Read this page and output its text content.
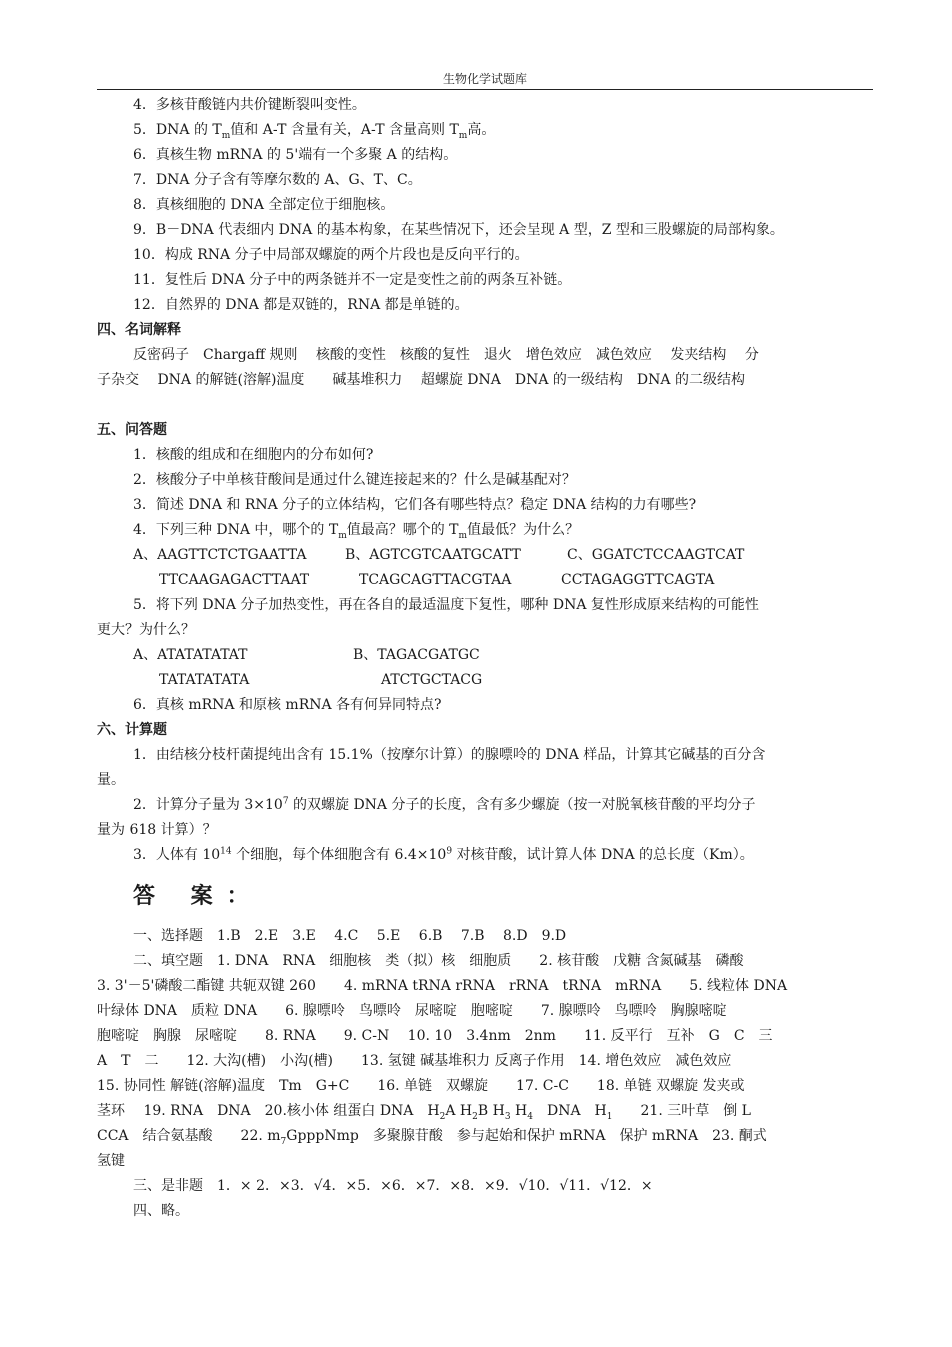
生物化学试题库
4．多核苷酸链内共价键断裂叫变性。
5．DNA 的 $T_m$值和 A-T 含量有关，A-T 含量高则 $T_m$高。
6．真核生物 mRNA 的 5'端有一个多聚 A 的结构。
7．DNA 分子含有等摩尔数的 A、G、T、C。
8．真核细胞的 DNA 全部定位于细胞核。
9．B－DNA 代表细内 DNA 的基本构象，在某些情况下，还会呈现 A 型，Z 型和三股螺旋的局部构象。
10．构成 RNA 分子中局部双螺旋的两个片段也是反向平行的。
11．复性后 DNA 分子中的两条链并不一定是变性之前的两条互补链。
12．自然界的 DNA 都是双链的，RNA 都是单链的。
四、名词解释
反密码子　Chargaff 规则　 核酸的变性　核酸的复性　退火　增色效应　减色效应　 发夹结构　 分
子杂交　 DNA 的解链(溶解)温度　　碱基堆积力　 超螺旋 DNA　DNA 的一级结构　DNA 的二级结构
五、问答题
1．核酸的组成和在细胞内的分布如何?
2．核酸分子中单核苷酸间是通过什么键连接起来的？什么是碱基配对？
3．简述 DNA 和 RNA 分子的立体结构，它们各有哪些特点？稳定 DNA 结构的力有哪些?
4．下列三种 DNA 中，哪个的 $T_m$值最高？哪个的 $T_m$值最低？为什么？
A、AAGTTCTCTGAATTA	B、AGTCGTCAATGCATT	C、GGATCTCCAAGTCAT
TTCAAGAGACTTAAT	TCAGCAGTTACGTAA	CCTAGAGGTTCAGTA
5．将下列 DNA 分子加热变性，再在各自的最适温度下复性，哪种 DNA 复性形成原来结构的可能性
更大？为什么？
A、ATATATATAT	B、TAGACGATGC
TATATATATA	ATCTGCTACG
6．真核 mRNA 和原核 mRNA 各有何异同特点?
六、计算题
1．由结核分枝杆菌提纯出含有 15.1%（按摩尔计算）的腺嘌呤的 DNA 样品，计算其它碱基的百分含
量。
2．计算分子量为 $3\times 10^7$ 的双螺旋 DNA 分子的长度，含有多少螺旋（按一对脱氧核苷酸的平均分子
量为 618 计算）？
3．人体有 $10^{14}$ 个细胞，每个体细胞含有 $6.4\times 10^9$ 对核苷酸，试计算人体 DNA 的总长度（Km）。
答 案：
一、选择题　1.B　2.E　3.E　 4.C　 5.E　 6.B　 7.B　 8.D　9.D
二、填空题　1. DNA　RNA　细胞核　类（拟）核　细胞质　　2. 核苷酸　戊糖 含氮碱基　磷酸
3. 3'－5'磷酸二酯键 共轭双键 260　　4. mRNA tRNA rRNA　rRNA　tRNA　mRNA　　5. 线粒体 DNA
叶绿体 DNA　质粒 DNA　　6. 腺嘌呤　鸟嘌呤　尿嘧啶　胞嘧啶　　7. 腺嘌呤　鸟嘌呤　胸腺嘧啶
胞嘧啶　胸腺　尿嘧啶　　8. RNA　　9. C-N　 10. 10　3.4nm　2nm　　11. 反平行　互补　G　C　三
A　T　二　　12. 大沟(槽)　小沟(槽)　　13. 氢键 碱基堆积力 反离子作用　14. 增色效应　减色效应
15. 协同性 解链(溶解)温度　Tm　G+C　　16. 单链　双螺旋　　17. C-C　　18. 单链 双螺旋 发夹或
茎环　 19. RNA　DNA　20.核小体 组蛋白 DNA　$H_2A$ $H_2B$ $H_3$ $H_4$　DNA　$H_1$　　21. 三叶草　倒 L
CCA　结合氨基酸　　22. $m_7GpppNmp$　多聚腺苷酸　参与起始和保护 mRNA　保护 mRNA　23. 酮式
氢键
三、是非题　1．× 2．×3．√4．×5．×6．×7．×8．×9．√10．√11．√12．×
四、略。
